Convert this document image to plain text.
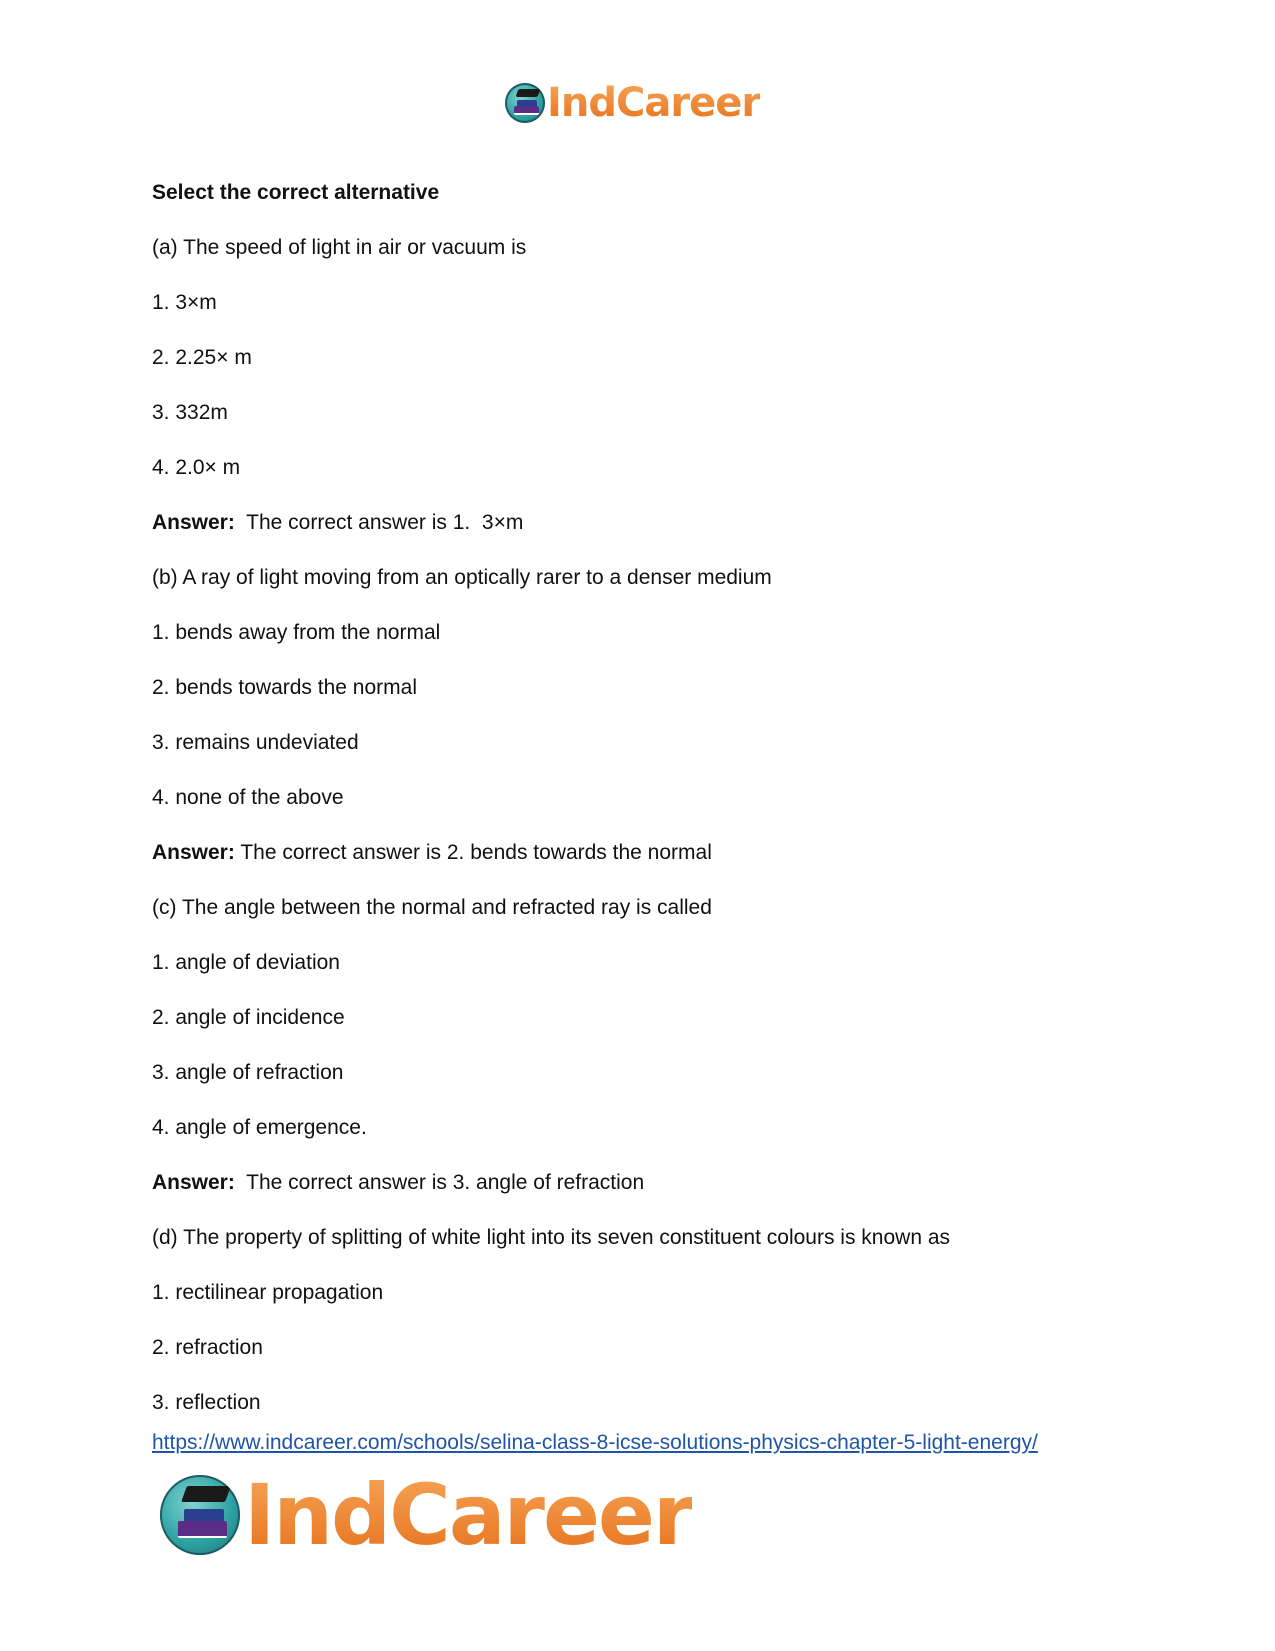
IndCareer
Select the correct alternative
(a) The speed of light in air or vacuum is
1. 3×m
2. 2.25× m
3. 332m
4. 2.0× m
Answer:  The correct answer is 1.  3×m
(b) A ray of light moving from an optically rarer to a denser medium
1. bends away from the normal
2. bends towards the normal
3. remains undeviated
4. none of the above
Answer: The correct answer is 2. bends towards the normal
(c) The angle between the normal and refracted ray is called
1. angle of deviation
2. angle of incidence
3. angle of refraction
4. angle of emergence.
Answer:  The correct answer is 3. angle of refraction
(d) The property of splitting of white light into its seven constituent colours is known as
1. rectilinear propagation
2. refraction
3. reflection
https://www.indcareer.com/schools/selina-class-8-icse-solutions-physics-chapter-5-light-energy/
IndCareer
